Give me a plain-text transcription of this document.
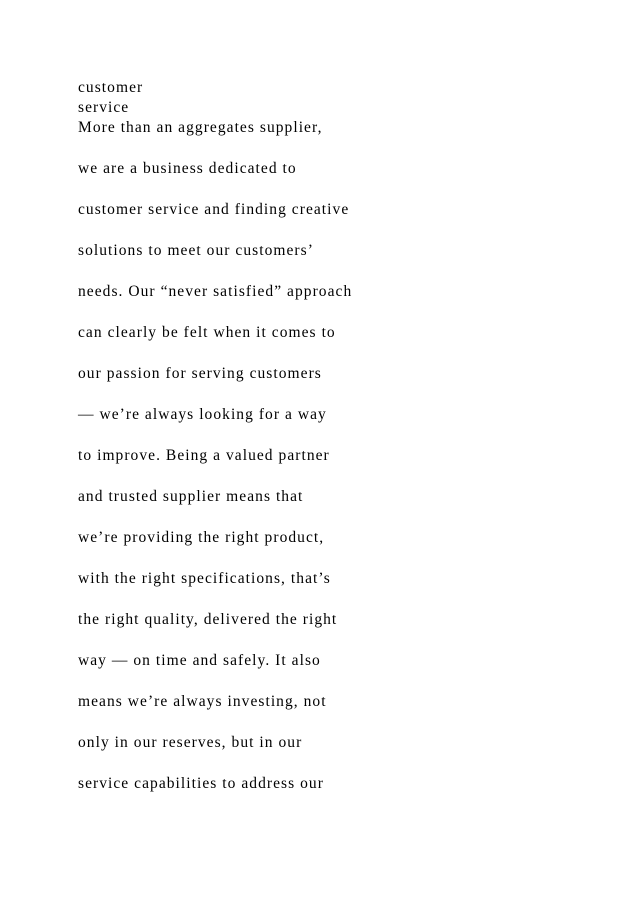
customer
service
More than an aggregates supplier,
we are a business dedicated to
customer service and finding creative
solutions to meet our customers’
needs. Our “never satisfied” approach
can clearly be felt when it comes to
our passion for serving customers
— we’re always looking for a way
to improve. Being a valued partner
and trusted supplier means that
we’re providing the right product,
with the right specifications, that’s
the right quality, delivered the right
way — on time and safely. It also
means we’re always investing, not
only in our reserves, but in our
service capabilities to address our
